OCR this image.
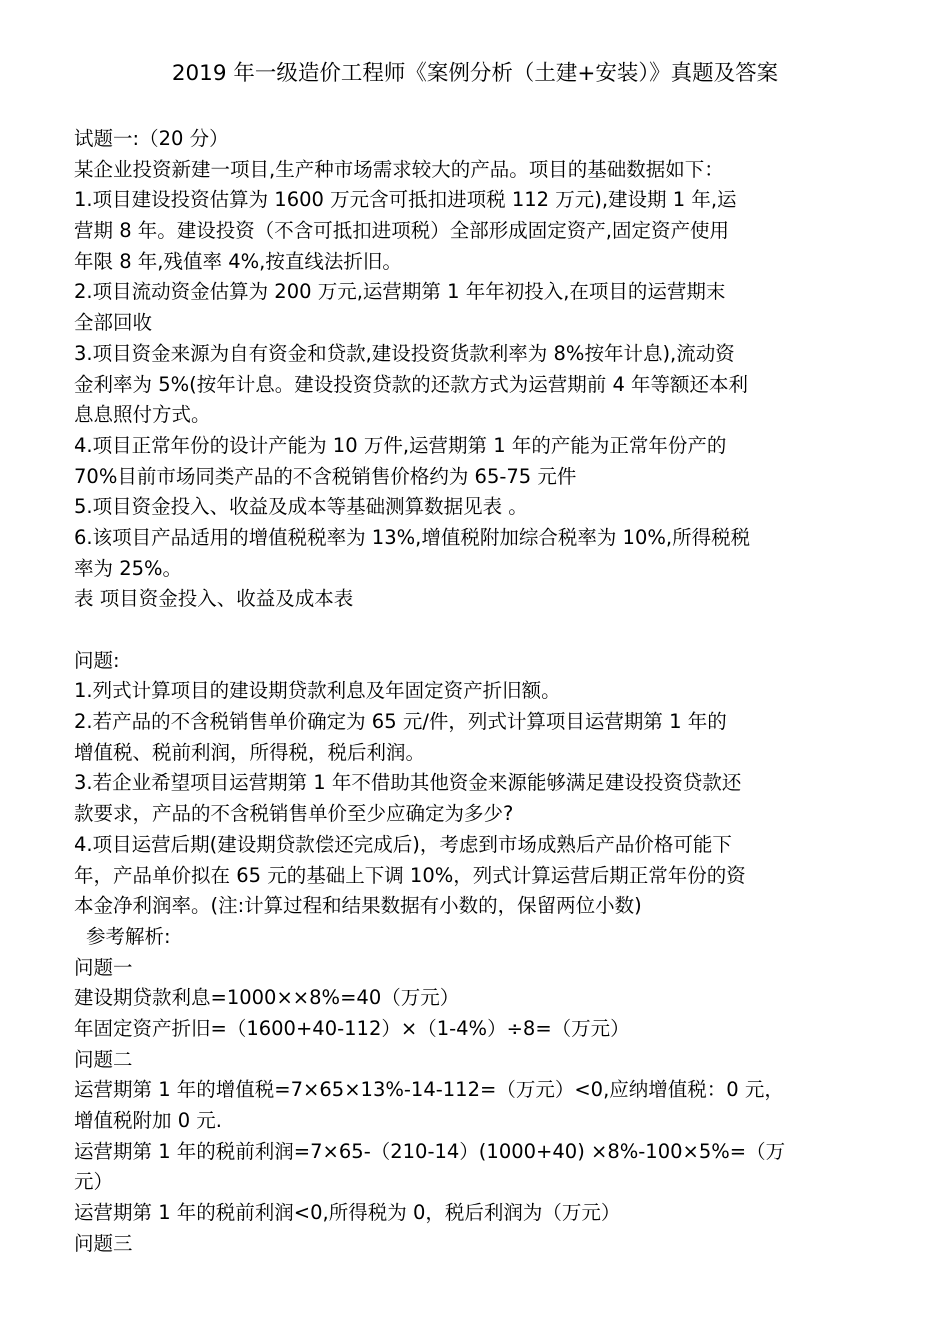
2019 年一级造价工程师《案例分析（土建+安装）》真题及答案
试题一:（20 分）
某企业投资新建一项目,生产种市场需求较大的产品。项目的基础数据如下：
1.项目建设投资估算为 1600 万元含可抵扣进项税 112 万元),建设期 1 年,运
营期 8 年。建设投资（不含可抵扣进项税）全部形成固定资产,固定资产使用
年限 8 年,残值率 4%,按直线法折旧。
2.项目流动资金估算为 200 万元,运营期第 1 年年初投入,在项目的运营期末
全部回收
3.项目资金来源为自有资金和贷款,建设投资货款利率为 8%按年计息),流动资
金利率为 5%(按年计息。建设投资贷款的还款方式为运营期前 4 年等额还本利
息息照付方式。
4.项目正常年份的设计产能为 10 万件,运营期第 1 年的产能为正常年份产的
70%目前市场同类产品的不含税销售价格约为 65-75 元件
5.项目资金投入、收益及成本等基础测算数据见表 。
6.该项目产品适用的增值税税率为 13%,增值税附加综合税率为 10%,所得税税
率为 25%。
表 项目资金投入、收益及成本表
问题:
1.列式计算项目的建设期贷款利息及年固定资产折旧额。
2.若产品的不含税销售单价确定为 65 元/件，列式计算项目运营期第 1 年的
增值税、税前利润，所得税，税后利润。
3.若企业希望项目运营期第 1 年不借助其他资金来源能够满足建设投资贷款还
款要求，产品的不含税销售单价至少应确定为多少?
4.项目运营后期(建设期贷款偿还完成后)，考虑到市场成熟后产品价格可能下
年，产品单价拟在 65 元的基础上下调 10%，列式计算运营后期正常年份的资
本金净利润率。(注:计算过程和结果数据有小数的，保留两位小数)
参考解析:
问题一
建设期贷款利息=1000××8%=40（万元）
年固定资产折旧=（1600+40-112）×（1-4%）÷8=（万元）
问题二
运营期第 1 年的增值税=7×65×13%-14-112=（万元）<0,应纳增值税：0 元，
增值税附加 0 元.
运营期第 1 年的税前利润=7×65-（210-14）(1000+40) ×8%-100×5%=（万
元）
运营期第 1 年的税前利润<0,所得税为 0，税后利润为（万元）
问题三
